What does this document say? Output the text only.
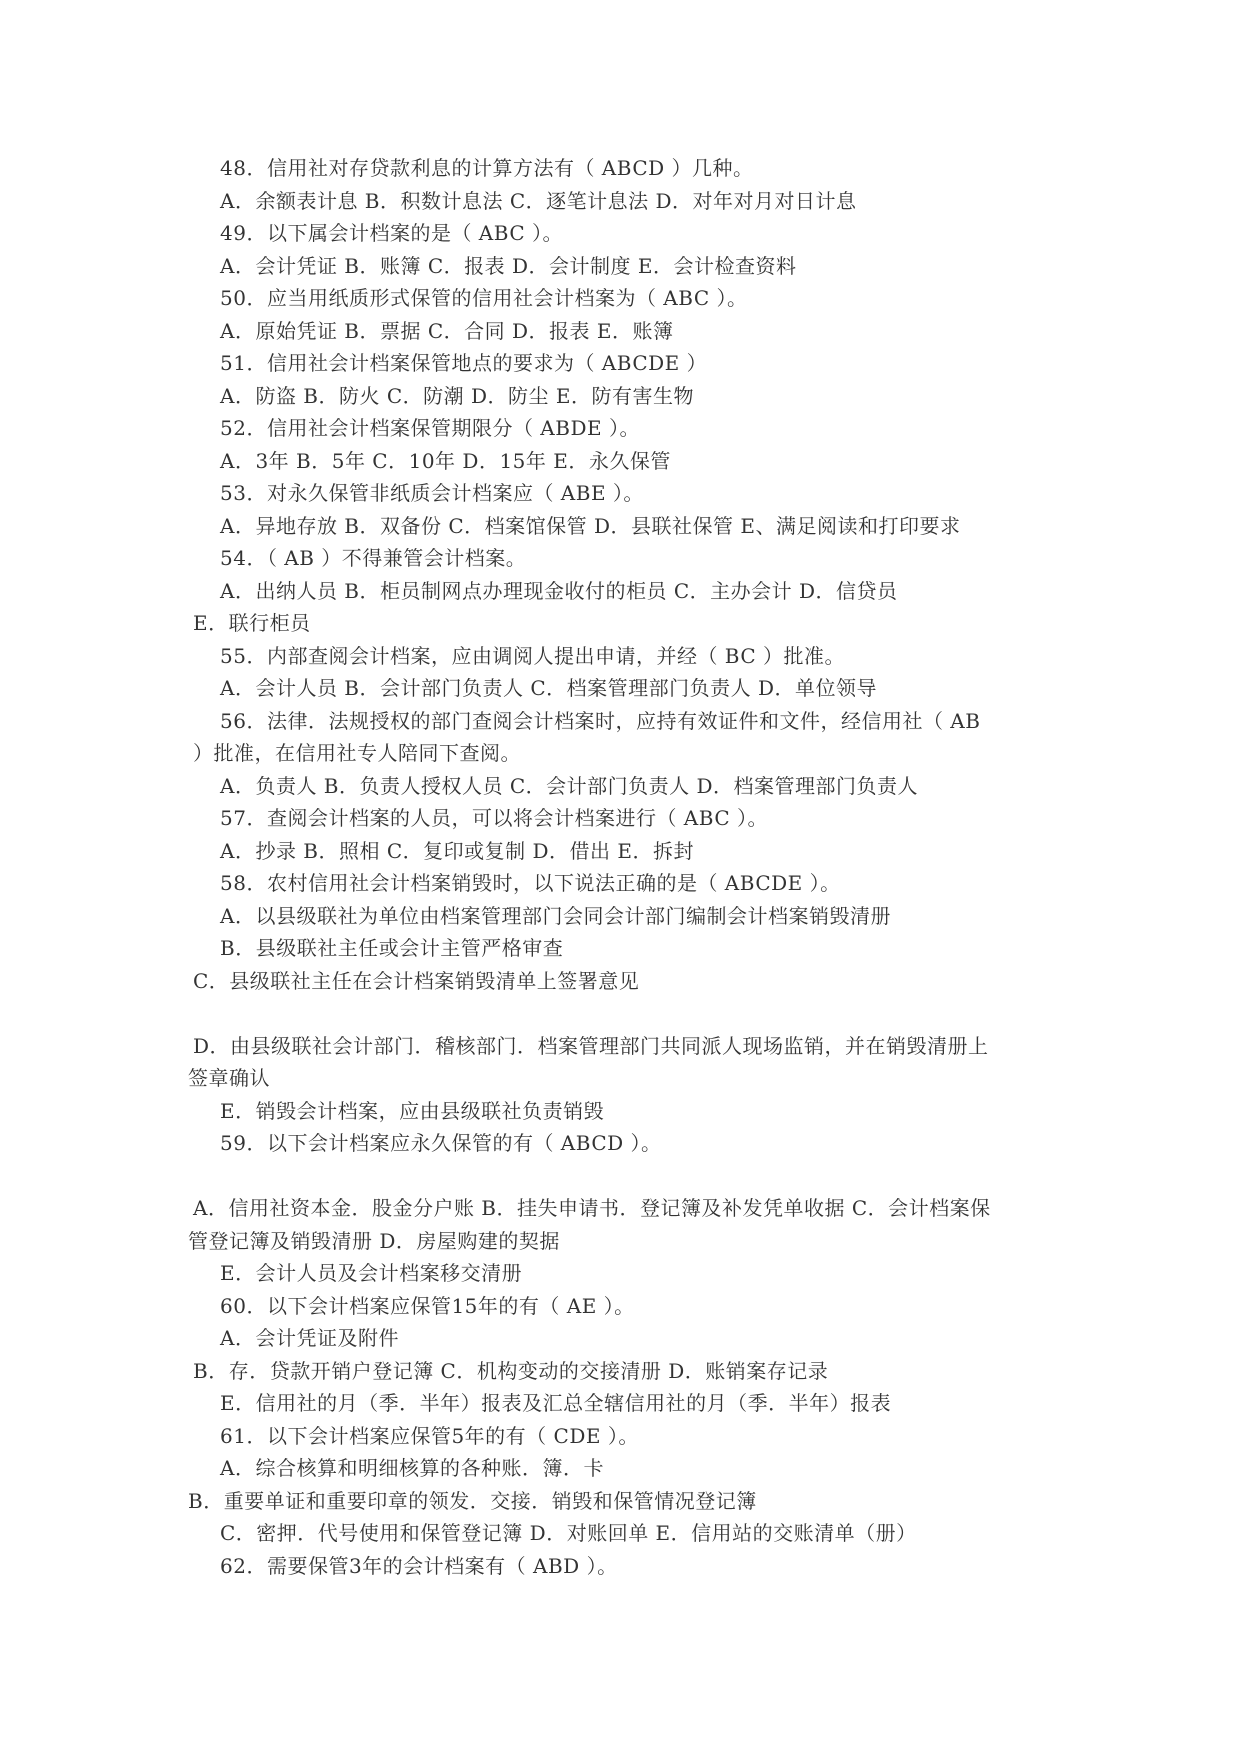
48．信用社对存贷款利息的计算方法有（ ABCD ）几种。

A．余额表计息 B．积数计息法 C．逐笔计息法 D．对年对月对日计息

49．以下属会计档案的是（ ABC ）。

A．会计凭证 B．账簿 C．报表 D．会计制度 E．会计检查资料

50．应当用纸质形式保管的信用社会计档案为（ ABC ）。

A．原始凭证 B．票据 C．合同 D．报表 E．账簿

51．信用社会计档案保管地点的要求为（ ABCDE ）

A．防盗 B．防火 C．防潮 D．防尘 E．防有害生物

52．信用社会计档案保管期限分（ ABDE ）。

A．3年 B．5年 C．10年 D．15年 E．永久保管

53．对永久保管非纸质会计档案应（ ABE ）。

A．异地存放 B．双备份 C．档案馆保管 D．县联社保管 E、满足阅读和打印要求

54．（ AB ）不得兼管会计档案。

A．出纳人员 B．柜员制网点办理现金收付的柜员 C．主办会计 D．信贷员

E．联行柜员

55．内部查阅会计档案，应由调阅人提出申请，并经（ BC ）批准。

A．会计人员 B．会计部门负责人 C．档案管理部门负责人 D．单位领导

56．法律．法规授权的部门查阅会计档案时，应持有效证件和文件，经信用社（ AB

）批准，在信用社专人陪同下查阅。

A．负责人 B．负责人授权人员 C．会计部门负责人 D．档案管理部门负责人

57．查阅会计档案的人员，可以将会计档案进行（ ABC ）。

A．抄录 B．照相 C．复印或复制 D．借出 E．拆封

58．农村信用社会计档案销毁时，以下说法正确的是（ ABCDE ）。

A．以县级联社为单位由档案管理部门会同会计部门编制会计档案销毁清册

B．县级联社主任或会计主管严格审查

C．县级联社主任在会计档案销毁清单上签署意见

D．由县级联社会计部门．稽核部门．档案管理部门共同派人现场监销，并在销毁清册上

签章确认

E．销毁会计档案，应由县级联社负责销毁

59．以下会计档案应永久保管的有（ ABCD ）。

A．信用社资本金．股金分户账 B．挂失申请书．登记簿及补发凭单收据 C．会计档案保

管登记簿及销毁清册 D．房屋购建的契据

E．会计人员及会计档案移交清册

60．以下会计档案应保管15年的有（ AE ）。

A．会计凭证及附件

B．存．贷款开销户登记簿 C．机构变动的交接清册 D．账销案存记录

E．信用社的月（季．半年）报表及汇总全辖信用社的月（季．半年）报表

61．以下会计档案应保管5年的有（ CDE ）。

A．综合核算和明细核算的各种账．簿．卡

B．重要单证和重要印章的领发．交接．销毁和保管情况登记簿

C．密押．代号使用和保管登记簿 D．对账回单 E．信用站的交账清单（册）

62．需要保管3年的会计档案有（ ABD ）。
